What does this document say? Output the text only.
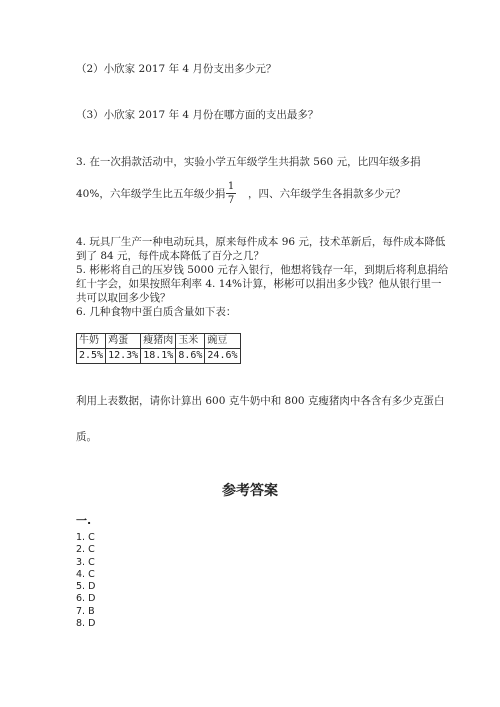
（2）小欣家 2017 年 4 月份支出多少元？
（3）小欣家 2017 年 4 月份在哪方面的支出最多？
3. 在一次捐款活动中，实验小学五年级学生共捐款 560 元，比四年级多捐
40%，六年级学生比五年级少捐
1
7
，四、六年级学生各捐款多少元？
4. 玩具厂生产一种电动玩具，原来每件成本 96 元，技术革新后，每件成本降低
到了 84 元，每件成本降低了百分之几？
5. 彬彬将自己的压岁钱 5000 元存入银行，他想将钱存一年，到期后将利息捐给
红十字会，如果按照年利率 4. 14%计算，彬彬可以捐出多少钱？他从银行里一
共可以取回多少钱？
6. 几种食物中蛋白质含量如下表：
牛奶	鸡蛋	瘦猪肉	玉米	豌豆
2.5%	12.3%	18.1%	8.6%	24.6%
利用上表数据，请你计算出 600 克牛奶中和 800 克瘦猪肉中各含有多少克蛋白
质。
参考答案
一.
1. C
2. C
3. C
4. C
5. D
6. D
7. B
8. D
